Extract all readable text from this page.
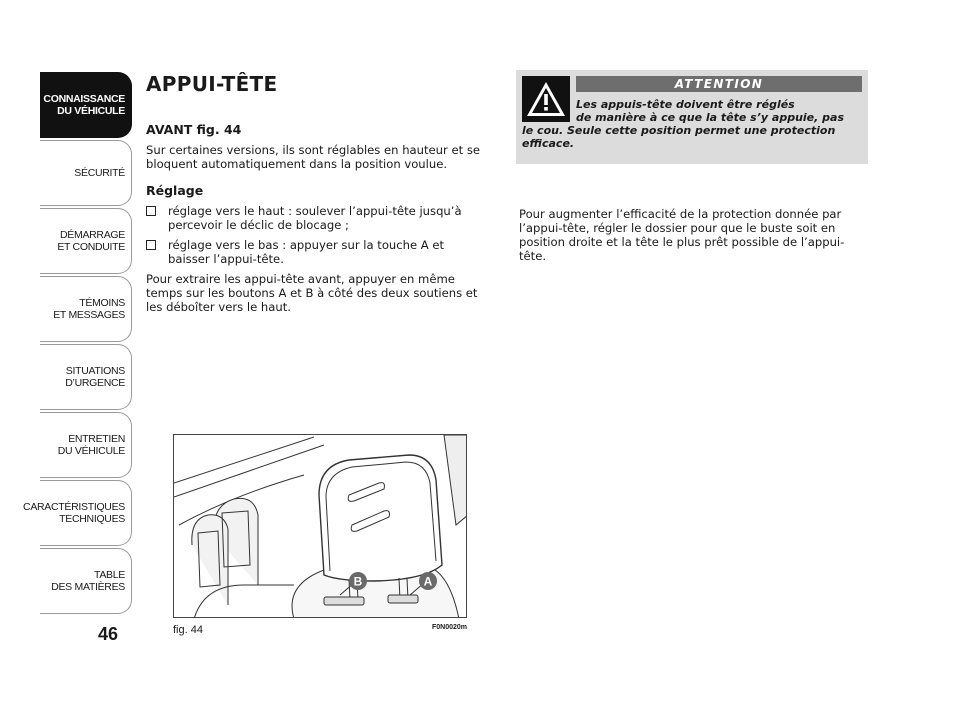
CONNAISSANCE
DU VÉHICULE
SÉCURITÉ
DÉMARRAGE
ET CONDUITE
TÉMOINS
ET MESSAGES
SITUATIONS
D’URGENCE
ENTRETIEN
DU VÉHICULE
CARACTÉRISTIQUES
TECHNIQUES
TABLE
DES MATIÈRES
46
APPUI-TÊTE
AVANT fig. 44

Sur certaines versions, ils sont réglables en hauteur et se bloquent automatiquement dans la position voulue.

Réglage
réglage vers le haut : soulever l’appui-tête jusqu’à percevoir le déclic de blocage ;
réglage vers le bas : appuyer sur la touche A et baisser l’appui-tête.

Pour extraire les appui-tête avant, appuyer en même temps sur les boutons A et B à côté des deux soutiens et les déboîter vers le haut.

B	A
fig. 44	F0N0020m
ATTENTION
Les appuis-tête doivent être réglés
de manière à ce que la tête s’y appuie, pas
le cou. Seule cette position permet une protection efficace.

Pour augmenter l’efficacité de la protection donnée par l’appui-tête, régler le dossier pour que le buste soit en position droite et la tête le plus prêt possible de l’appui-tête.
